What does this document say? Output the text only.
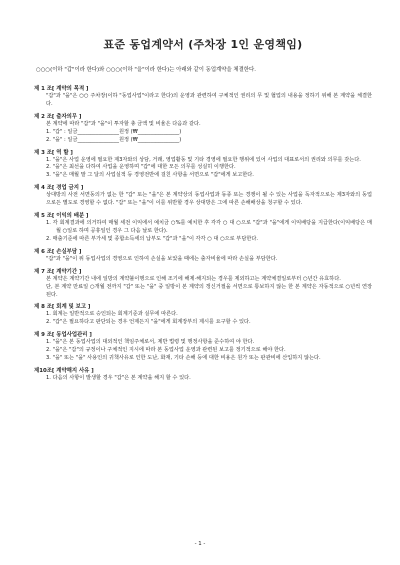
표준 동업계약서 (주차장 1인 운영책임)
○○○(이하 "갑"이라 한다)와 ○○○(이하 "을"이라 한다)는 아래와 같이 동업계약을 체결한다.
제 1 조[ 계약의 목적 ]
"갑"과 "을"은 ○○ 주차장(이하 "동업사업"이라고 한다)의 운영과 관련하여 구체적인 권리의 무 및 협업의 내용을 정하기 위해 본 계약을 체결한다.
제 2 조[ 출자의무 ]
본 계약에 따라 "갑"과 "을"이 투자할 총 금액 및 비율은 다음과 같다.
1. "갑" : 일금________________원정 (₩________________)
2. "을" : 일금________________원정 (₩________________)
제 3 조[ 역 할 ]
1. "을"은 사업 운영에 필요한 제3자와의 상담, 거래, 영업활동 및 기타 경영에 필요한 행위에 있어 사업의 대표로서의 권리와 의무를 갖는다.
2. "을"은 최선을 다하여 사업을 운영하며 "갑"에 대한 모든 의무를 성실히 이행한다.
3. "을"은 매월 말 그 달의 사업실적 등 경영전반에 걸친 사항을 서면으로 "갑"에게 보고한다.
제 4 조[ 경업 금지 ]
상대방의 사전 서면동의가 없는 한 "갑" 또는 "을"은 본 계약상의 동업사업과 동종 또는 경쟁이 될 수 있는 사업을 독자적으로는 제3자와의 동업으로든 별도로 경영할 수 없다. "갑" 또는 "을"이 이를 위반할 경우 상대방은 그에 따른 손해배상을 청구할 수 있다.
제 5 조[ 이익의 배분 ]
1. 각 회계결과에 의거하여 매월 세전 이익에서 예치금 ○%를 예치한 후 각각 ○ 대 ○으로 "갑"과 "을"에게 이익배당을 지급한다(이익배당은 매월 ○일로 하며 공휴일인 경우 그 다음 날로 한다).
2. 매출기준에 따른 부가세 및 종합소득세의 납부도 "갑"과 "을"이 각각 ○ 대 ○으로 부담한다.
제 6 조[ 손실부담 ]
"갑"과 "을"이 위 동업사업의 경영으로 인하여 손실을 보았을 때에는 출자비율에 따라 손실을 부담한다.
제 7 조[ 계약기간 ]
본 계약은 계약기간 내에 일방의 계약불이행으로 인해 조기에 해제·해지되는 경우를 제외하고는 계약체결일로부터 ○년간 유효하다.
단, 본 계약 만료일 ○개월 전까지 "갑" 또는 "을" 중 일방이 본 계약의 갱신거절을 서면으로 통보하지 않는 한 본 계약은 자동적으로 ○년씩 연장된다.
제 8 조[ 회계 및 보고 ]
1. 회계는 일반적으로 승인되는 회계기준과 실무에 따른다.
2. "갑"은 필요하다고 판단되는 경우 언제든지 "을"에게 회계장부의 제시를 요구할 수 있다.
제 9 조[ 동업사업관리 ]
1. "을"은 본 동업사업의 대외적인 책임주체로서, 제반 법령 및 행정사항을 준수하여 야 한다.
2. "을"은 "갑"의 규정이나 구체적인 지시에 따라 본 동업사업 운영과 관련된 보고를 정기적으로 해야 한다.
3. "을" 또는 "을" 사용인의 귀책사유로 인한 도난, 화재, 기타 손해 등에 대한 비용은 원가 또는 판관비에 산입하지 않는다.
제10조[ 계약해지 사유 ]
1. 다음의 사항이 발생할 경우 "갑"은 본 계약을 해지 할 수 있다.
- 1 -
